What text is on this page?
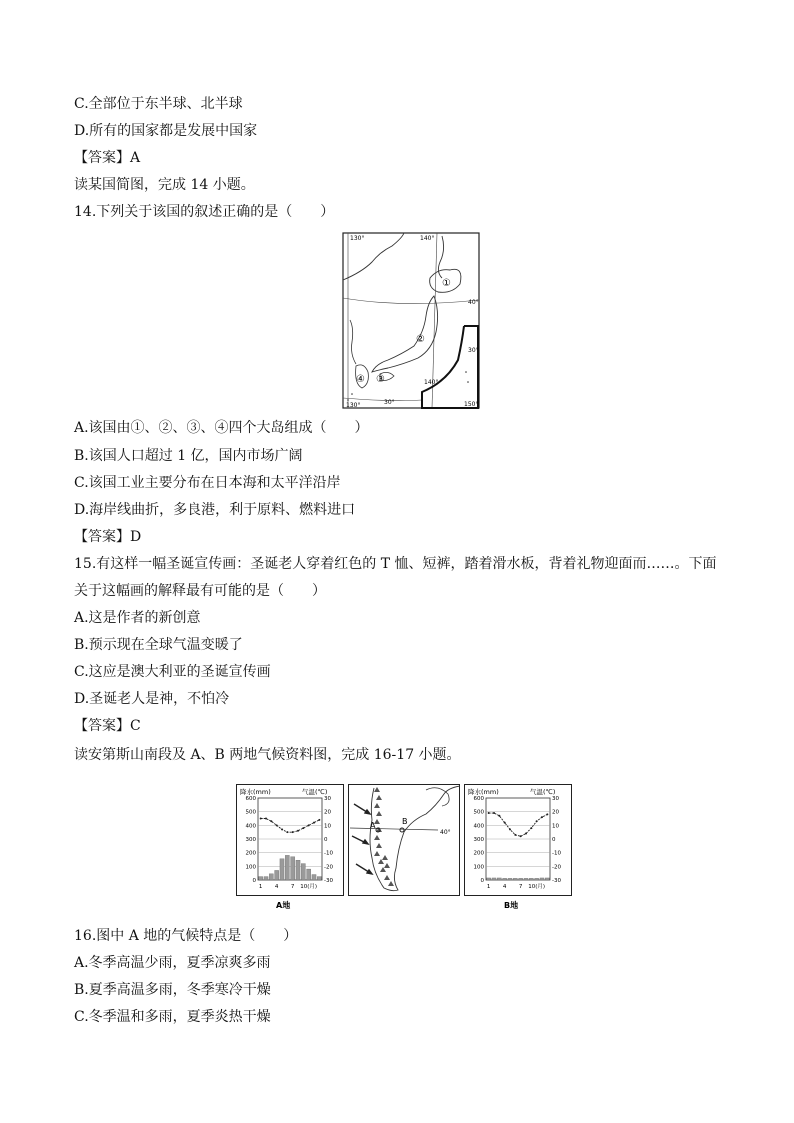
C.全部位于东半球、北半球
D.所有的国家都是发展中国家
【答案】A
读某国简图，完成 14 小题。
14.下列关于该国的叙述正确的是（　　）
130°	140°
130°
140°
150°
40°
30°
30°
①
②
③
④
A.该国由①、②、③、④四个大岛组成（　　）
B.该国人口超过 1 亿，国内市场广阔
C.该国工业主要分布在日本海和太平洋沿岸
D.海岸线曲折，多良港，利于原料、燃料进口
【答案】D
15.有这样一幅圣诞宣传画：圣诞老人穿着红色的 T 恤、短裤，踏着滑水板，背着礼物迎面而……。下面
关于这幅画的解释最有可能的是（　　）
A.这是作者的新创意
B.预示现在全球气温变暖了
C.这应是澳大利亚的圣诞宣传画
D.圣诞老人是神，不怕冷
【答案】C
读安第斯山南段及 A、B 两地气候资料图，完成 16-17 小题。
降水(mm)	气温(℃)
600
500
400
300
200
100
0
30
20
10
0
-10
-20
-30
1 4 7 10(月)
A地
A	B
40°
降水(mm)	气温(℃)
600
500
400
300
200
100
0
30
20
10
0
-10
-20
-30
1 4 7 10(月)
B地
16.图中 A 地的气候特点是（　　）
A.冬季高温少雨，夏季凉爽多雨
B.夏季高温多雨，冬季寒冷干燥
C.冬季温和多雨，夏季炎热干燥
